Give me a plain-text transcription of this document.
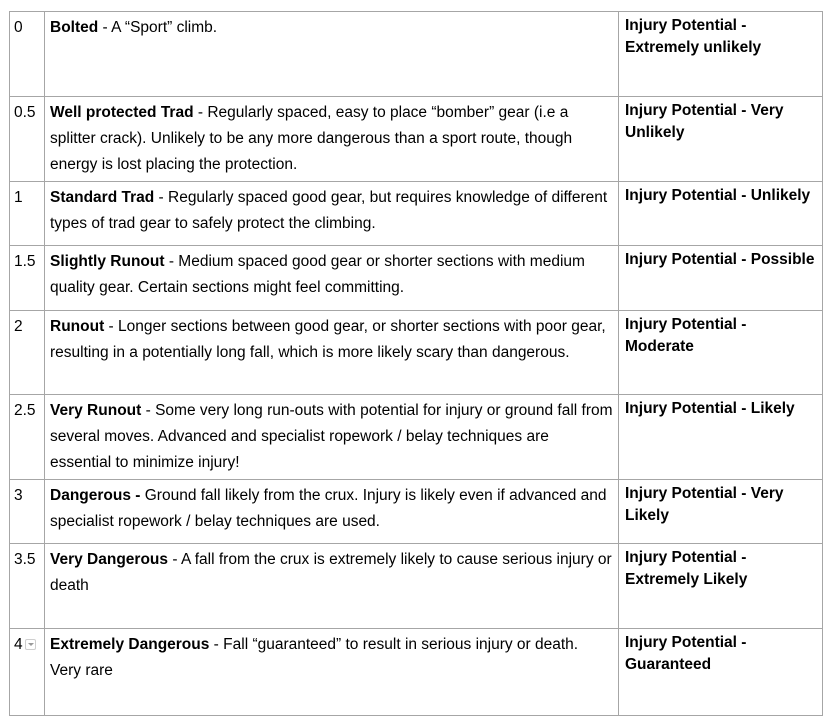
0	Bolted - A “Sport” climb.	Injury Potential - Extremely unlikely
0.5	Well protected Trad - Regularly spaced, easy to place “bomber” gear (i.e a splitter crack). Unlikely to be any more dangerous than a sport route, though energy is lost placing the protection.	Injury Potential - Very Unlikely
1	Standard Trad - Regularly spaced good gear, but requires knowledge of different types of trad gear to safely protect the climbing.	Injury Potential - Unlikely
1.5	Slightly Runout - Medium spaced good gear or shorter sections with medium quality gear. Certain sections might feel committing.	Injury Potential - Possible
2	Runout - Longer sections between good gear, or shorter sections with poor gear, resulting in a potentially long fall, which is more likely scary than dangerous.	Injury Potential - Moderate
2.5	Very Runout - Some very long run-outs with potential for injury or ground fall from several moves. Advanced and specialist ropework / belay techniques are essential to minimize injury!	Injury Potential - Likely
3	Dangerous - Ground fall likely from the crux. Injury is likely even if advanced and specialist ropework / belay techniques are used.	Injury Potential - Very Likely
3.5	Very Dangerous - A fall from the crux is extremely likely to cause serious injury or death	Injury Potential - Extremely Likely
4	Extremely Dangerous - Fall “guaranteed” to result in serious injury or death. Very rare	Injury Potential - Guaranteed
